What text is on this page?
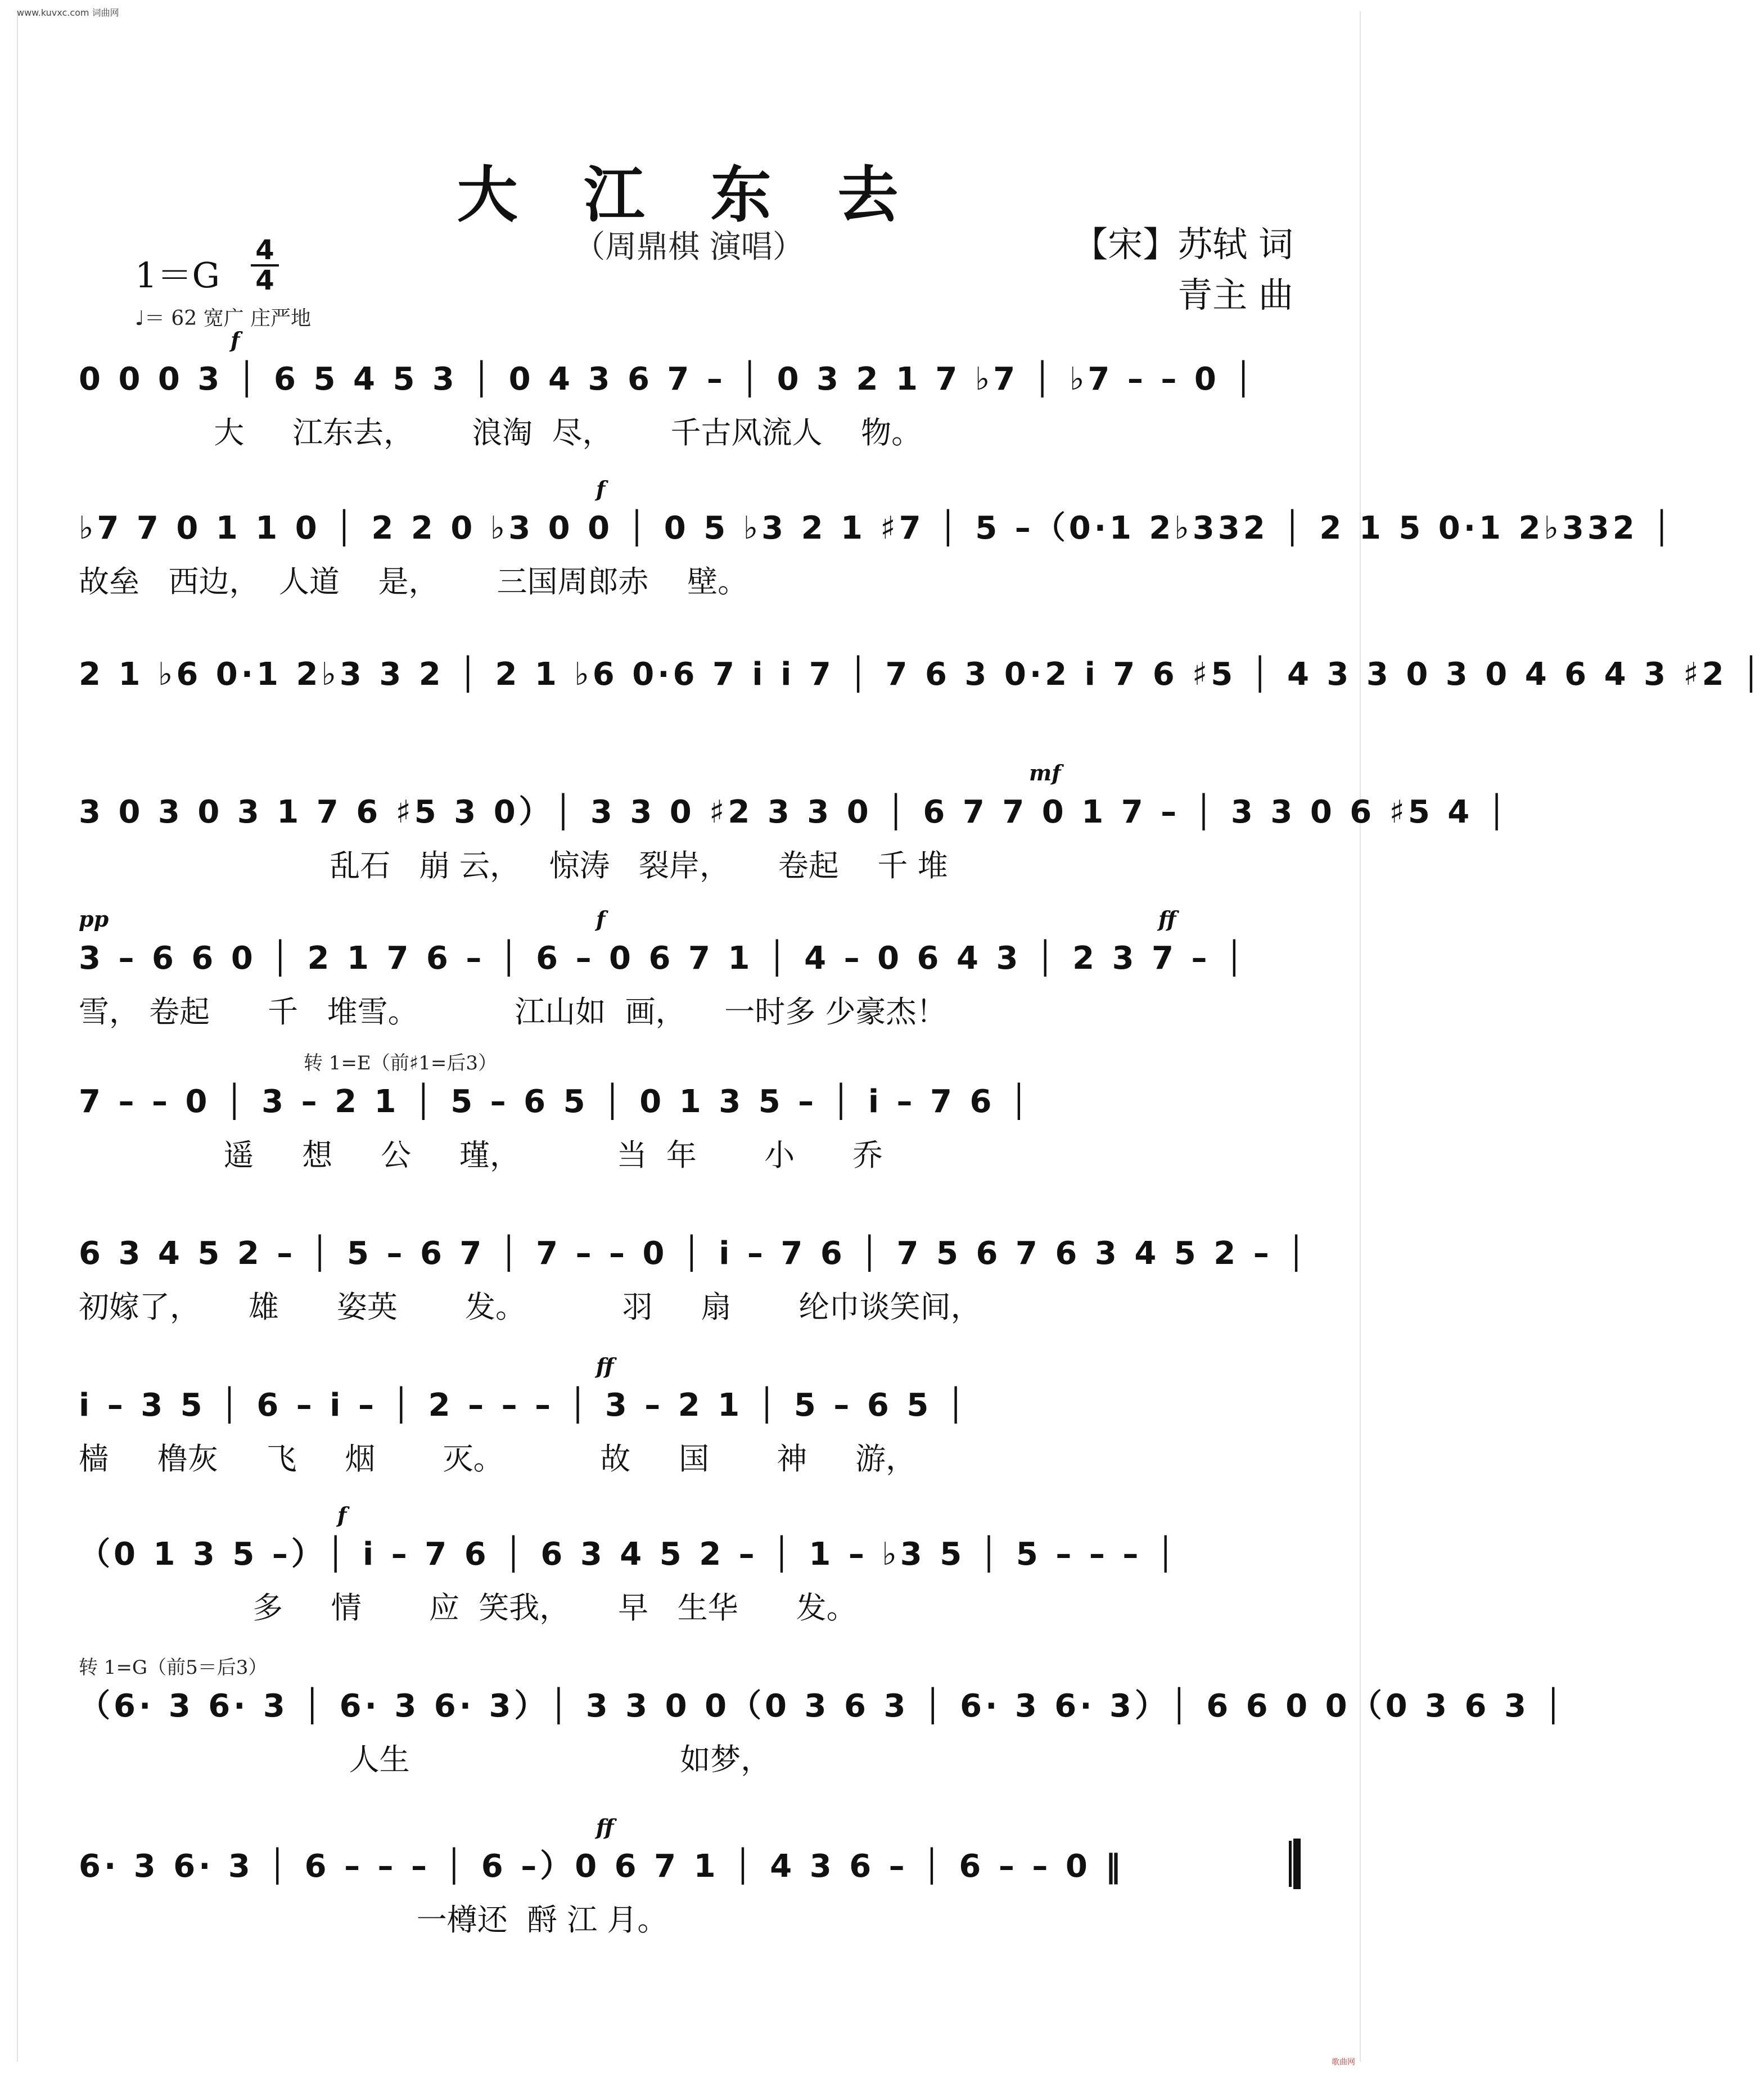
www.kuvxc.com 词曲网
歌曲网
大 江 东 去
（周鼎棋 演唱）	【宋】苏轼 词
青主 曲
1＝G
4
4
♩＝ 62 宽广 庄严地
0 0 0 3 │ 6 5 4 5 3 │ 0 4 3 6 7 – │ 0 3 2 1 7 ♭7 │ ♭7 – – 0 │
大     江东去，      浪淘  尽，      千古风流人    物。
f
♭7 7 0 1 1 0 │ 2 2 0 ♭3 0 0 │ 0 5 ♭3 2 1 ♯7 │ 5 –（0·1 2♭332 │ 2 1 5 0·1 2♭332 │
故垒   西边，  人道    是，      三国周郎赤    壁。
f
2 1 ♭6 0·1 2♭3 3 2 │ 2 1 ♭6 0·6 7 i i 7 │ 7 6 3 0·2 i 7 6 ♯5 │ 4 3 3 0 3 0 4 6 4 3 ♯2 │
3 0 3 0 3 1 7 6 ♯5 3 0）│ 3 3 0 ♯2 3 3 0 │ 6 7 7 0 1 7 – │ 3 3 0 6 ♯5 4 │
乱石   崩 云，   惊涛   裂岸，     卷起    千 堆
mf
3 – 6 6 0 │ 2 1 7 6 – │ 6 – 0 6 7 1 │ 4 – 0 6 4 3 │ 2 3 7 – │
雪， 卷起      千   堆雪。          江山如  画，    一时多 少豪杰！
pp	f	ff
7 – – 0 │ 3 – 2 1 │ 5 – 6 5 │ 0 1 3 5 – │ i – 7 6 │
遥     想     公     瑾，          当  年       小      乔
转 1=E（前♯1=后3）
6 3 4 5 2 – │ 5 – 6 7 │ 7 – – 0 │ i – 7 6 │ 7 5 6 7 6 3 4 5 2 – │
初嫁了，     雄      姿英       发。          羽     扇       纶巾谈笑间，
i – 3 5 │ 6 – i – │ 2 – – – │ 3 – 2 1 │ 5 – 6 5 │
樯     橹灰     飞     烟       灭。          故     国       神     游，
ff
（0 1 3 5 –）│ i – 7 6 │ 6 3 4 5 2 – │ 1 – ♭3 5 │ 5 – – – │
多     情       应  笑我，     早   生华      发。
f
（6· 3 6· 3 │ 6· 3 6· 3）│ 3 3 0 0（0 3 6 3 │ 6· 3 6· 3）│ 6 6 0 0（0 3 6 3 │
人生                            如梦，
转 1=G（前5＝后3）
6· 3 6· 3 │ 6 – – – │ 6 –）0 6 7 1 │ 4 3 6 – │ 6 – – 0 ‖
一樽还  酹 江 月。
ff
